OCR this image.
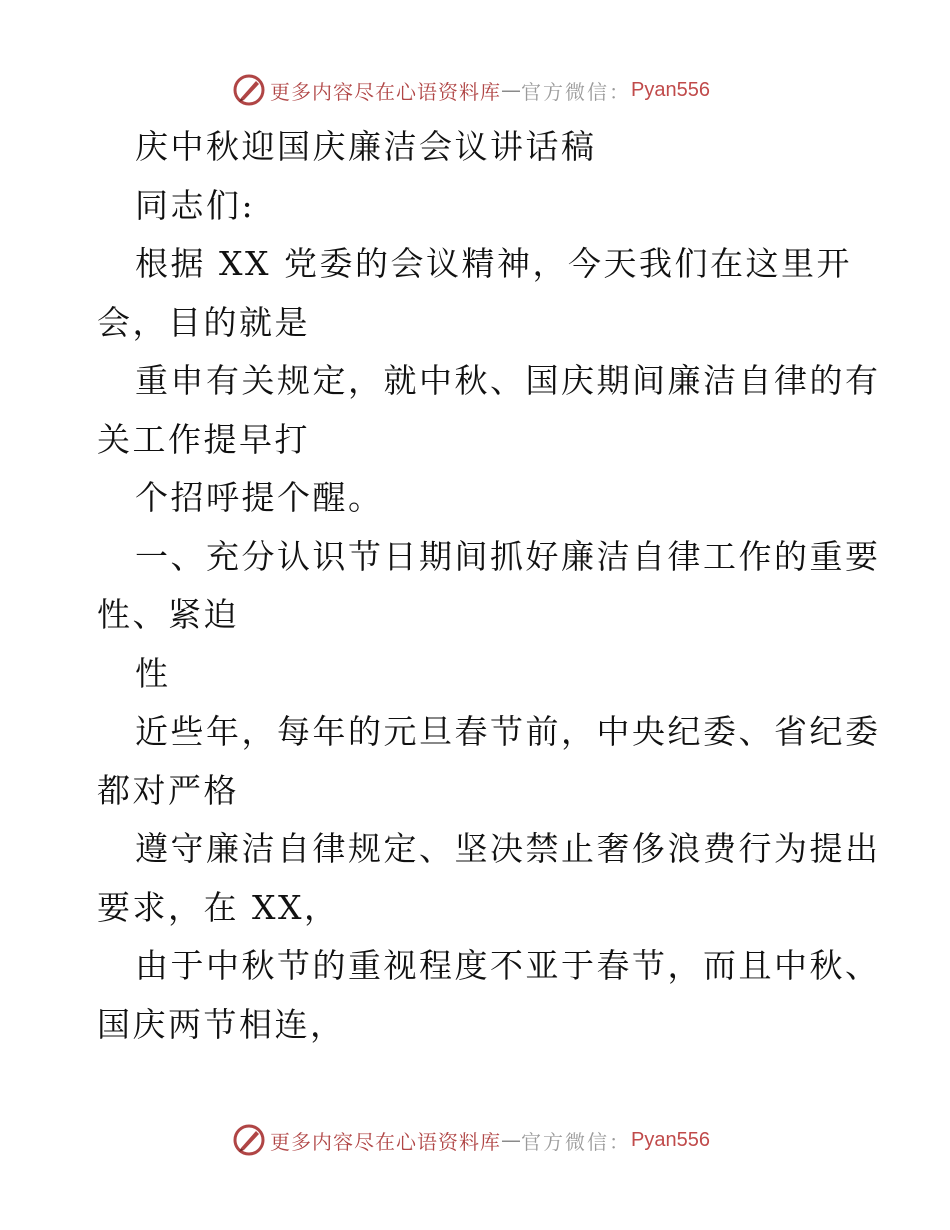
更多内容尽在心语资料库 — 官方微信： Pyan556
庆中秋迎国庆廉洁会议讲话稿
同志们:
根据 XX 党委的会议精神，今天我们在这里开
会，目的就是
重申有关规定，就中秋、国庆期间廉洁自律的有
关工作提早打
个招呼提个醒。
一、充分认识节日期间抓好廉洁自律工作的重要
性、紧迫
性
近些年，每年的元旦春节前，中央纪委、省纪委
都对严格
遵守廉洁自律规定、坚决禁止奢侈浪费行为提出
要求，在 XX，
由于中秋节的重视程度不亚于春节，而且中秋、
国庆两节相连，
更多内容尽在心语资料库 — 官方微信： Pyan556
